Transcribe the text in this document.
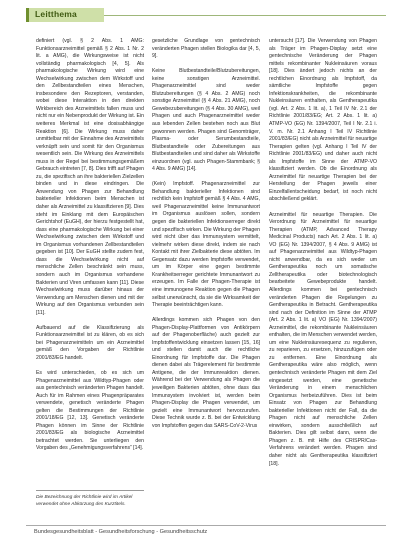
Leitthema

definiert (vgl. § 2 Abs. 1 AMG: Funktionsarzneimittel gemäß § 2 Abs. 1 Nr. 2 lit. a AMG), die Wirkungsweise ist nicht vollständig pharmakologisch [4, 5]. Als pharmakologische Wirkung wird eine Wechselwirkung zwischen dem Wirkstoff und den Zellbestandteilen eines Menschen, insbesondere den Rezeptoren, verstanden, wobei diese Interaktion in den direkten Wirkbereich des Arzneimittels fallen muss und nicht nur ein Nebenprodukt der Wirkung ist. Ein weiteres Merkmal ist eine dosisabhängige Reaktion [6]. Die Wirkung muss daher unmittelbar mit der Einnahme des Arzneimittels verknüpft sein und somit für den Organismus wesentlich sein. Die Wirkung des Arzneimittels muss in der Regel bei bestimmungsgemäßem Gebrauch eintreten [7, 8]. Dies trifft auf Phagen zu, die spezifisch an ihre bakteriellen Zielzellen binden und in diese eindringen. Die Anwendung von Phagen zur Behandlung bakterieller Infektionen beim Menschen ist daher als Arzneimittel zu klassifizieren [9]. Dies steht im Einklang mit dem Europäischen Gerichtshof (EuGH), der hierzu festgestellt hat, dass eine pharmakologische Wirkung bei einer Wechselwirkung zwischen dem Wirkstoff und im Organismus vorhandenen Zellbestandteilen gegeben ist [10]. Der EuGH stellte zudem fest, dass die Wechselwirkung nicht auf menschliche Zellen beschränkt sein muss, sondern auch im Organismus vorhandene Bakterien und Viren umfassen kann [11]. Diese Wechselwirkung muss darüber hinaus der Verwendung am Menschen dienen und mit der Wirkung auf den Organismus verbunden sein [11].

Aufbauend auf die Klassifizierung als Funktionsarzneimittel ist zu klären, ob es sich bei Phagenarzneimitteln um ein Arzneimittel gemäß den Vorgaben der Richtlinie 2001/83/EG handelt.

Es wird unterschieden, ob es sich um Phagenarzneimittel aus Wildtyp-Phagen oder aus gentechnisch veränderten Phagen handelt. Auch für im Rahmen eines Phagenpräparates verwendete, genetisch veränderte Phagen gelten die Bestimmungen der Richtlinie 2001/18/EG [12, 13]. Genetisch veränderte Phagen können im Sinne der Richtlinie 2001/83/EG als biologische Arzneimittel betrachtet werden. Sie unterliegen den Vorgaben des „Genehmigungsverfahrens“ [14].

gesetzliche Grundlage von gentechnisch veränderten Phagen stellen Biologika dar [4, 5, 9].

Keine Blutbestandteile/Blutzubereitungen, keine sonstigen Arzneimittel. Phagenarzneimittel sind weder Blutzubereitungen (§ 4 Abs. 2 AMG) noch sonstige Arzneimittel (§ 4 Abs. 21 AMG), noch Gewebezubereitungen (§ 4 Abs. 30 AMG), weil Phagen und auch Phagenarzneimittel weder aus lebenden Zellen bestehen noch aus Blut gewonnen werden. Phagen sind Genomträger, Plasma- oder Serumbestandteile, Blutbestandteile oder Zubereitungen aus Blutbestandteilen und sind daher als Wirkstoffe einzuordnen (vgl. auch Phagen-Stammbank; § 4 Abs. 9 AMG) [14].

(Kein) Impfstoff. Phagenarzneimittel zur Behandlung bakterieller Infektionen sind rechtlich kein Impfstoff gemäß § 4 Abs. 4 AMG, weil Phagenarzneimittel keine Immunantwort im Organismus auslösen sollen, sondern gegen die bakteriellen Infektionserreger direkt und spezifisch wirken. Die Wirkung der Phagen wird nicht über das Immunsystem vermittelt, vielmehr wirken diese direkt, indem sie nach Kontakt mit ihrer Zielbakterie diese abtöten. Im Gegensatz dazu werden Impfstoffe verwendet, um im Körper eine gegen bestimmte Krankheitserreger gerichtete Immunantwort zu erzeugen. Im Falle der Phagen-Therapie ist eine immunogene Reaktion gegen die Phagen selbst unerwünscht, da sie die Wirksamkeit der Therapie beeinträchtigen kann.

Allerdings kommen sich Phagen von den Phagen-Display-Plattformen von Antikörpern auf der Phagenoberfläche) auch gezielt zur Impfstoffentwicklung einsetzen lassen [15, 16] und stellen damit auch die rechtliche Einordnung für Impfstoffe dar. Die Phagen dienen dabei als Trägerelement für bestimmte Antigene, die der Immunreaktion dienen. Während bei der Verwendung als Phagen die jeweiligen Bakterien abtöten, ohne dass das Immunsystem involviert ist, werden beim Phagen-Display die Phagen verwendet, um gezielt eine Immunantwort hervorzurufen. Diese Technik wurde z. B. bei der Entwicklung von Impfstoffen gegen das SARS-CoV-2-Virus

untersucht [17]. Die Verwendung von Phagen als Träger im Phagen-Display setzt eine gentechnische Veränderung der Phagen mittels rekombinanter Nukleinsäuren voraus [18]. Dies ändert jedoch nichts an der rechtlichen Einordnung als Impfstoff, da sämtliche Impfstoffe gegen Infektionskrankheiten, die rekombinante Nukleinsäuren enthalten, als Gentherapeutika (vgl. Art. 2 Abs. 1 lit. a), 1 Teil IV Nr. 2.1 der Richtlinie 2001/83/EG; Art. 2 Abs. 1 lit. a) ATMP-VO (EG) Nr. 1394/2007, Teil I Nr. 2.1 i. V. m. Nr. 2.1 Anhang I Teil IV Richtlinie 2001/83/EG) nicht als Arzneimittel für neuartige Therapien gelten (vgl. Anhang I Teil IV der Richtlinie 2001/83/EG) und daher auch nicht als Impfstoffe im Sinne der ATMP-VO klassifiziert werden. Ob die Einordnung als Arzneimittel für neuartige Therapien bei der Herstellung der Phagen jeweils einer Einzelfallentscheidung bedarf, ist noch nicht abschließend geklärt.

Arzneimittel für neuartige Therapien. Die Verordnung für Arzneimittel für neuartige Therapien (ATMP, Advanced Therapy Medicinal Products) nach Art. 2 Abs. 1 lit. a) VO (EG) Nr. 1394/2007, § 4 Abs. 9 AMG) ist auf Phagenarzneimittel aus Wildtyp-Phagen nicht anwendbar, da es sich weder um Gentherapeutika noch um somatische Zelltherapeutika oder biotechnologisch bearbeitete Gewebeprodukte handelt. Allerdings kommen bei gentechnisch veränderten Phagen die Regelungen zu Gentherapeutika in Betracht. Gentherapeutika sind nach der Definition im Sinne der ATMP (Art. 2 Abs. 1 lit. a) VO (EG) Nr. 1394/2007) Arzneimittel, die rekombinante Nukleinsäuren enthalten, die im Menschen verwendet werden, um eine Nukleinsäuresequenz zu regulieren, zu reparieren, zu ersetzen, hinzuzufügen oder zu entfernen. Eine Einordnung als Gentherapeutika wäre also möglich, wenn gentechnisch veränderte Phagen mit dem Ziel eingesetzt werden, eine genetische Veränderung in einem menschlichen Organismus herbeizuführen. Dies ist beim Einsatz von Phagen zur Behandlung bakterieller Infektionen nicht der Fall, da die Phagen nicht auf menschliche Zellen einwirken, sondern ausschließlich auf Bakterien. Dies gilt selbst dann, wenn die Phagen z. B. mit Hilfe des CRISPR/Cas-Verfahrens verändert werden. Phagen sind daher nicht als Gentherapeutika klassifiziert [18].

Die Bezeichnung der Richtlinie wird im Artikel verwendet ohne Abkürzung des Kurztitels.
Bundesgesundheitsblatt - Gesundheitsforschung - Gesundheitsschutz
